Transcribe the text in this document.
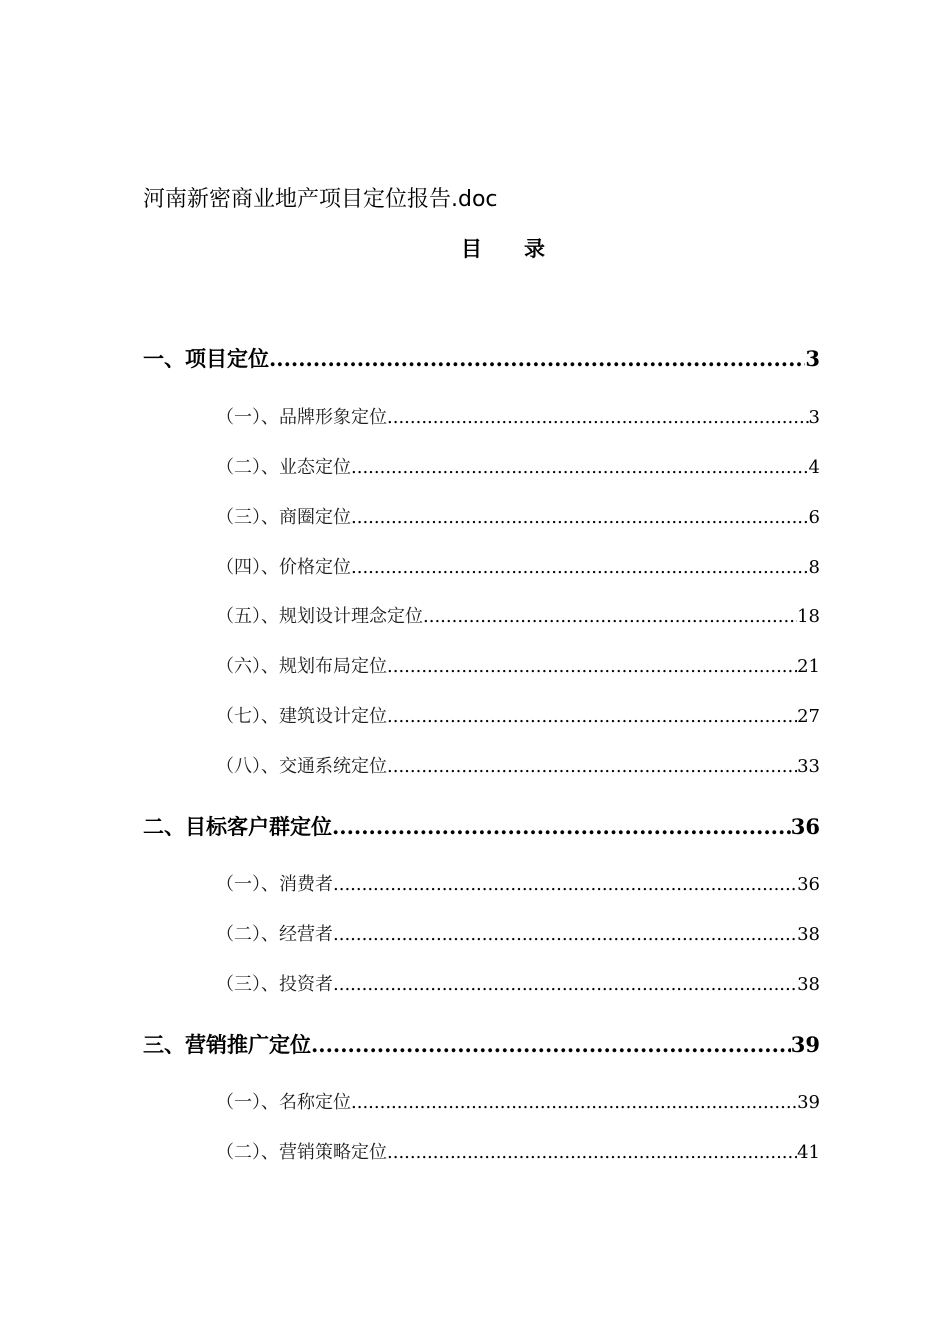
河南新密商业地产项目定位报告.doc
目　　录
一、项目定位 .....	3
（一）、品牌形象定位 .....	3
（二）、业态定位 .....	4
（三）、商圈定位 .....	6
（四）、价格定位 .....	8
（五）、规划设计理念定位 .....	18
（六）、规划布局定位 .....	21
（七）、建筑设计定位 .....	27
（八）、交通系统定位 .....	33
二、目标客户群定位 .....	36
（一）、消费者 .....	36
（二）、经营者 .....	38
（三）、投资者 .....	38
三、营销推广定位 .....	39
（一）、名称定位 .....	39
（二）、营销策略定位 .....	41
